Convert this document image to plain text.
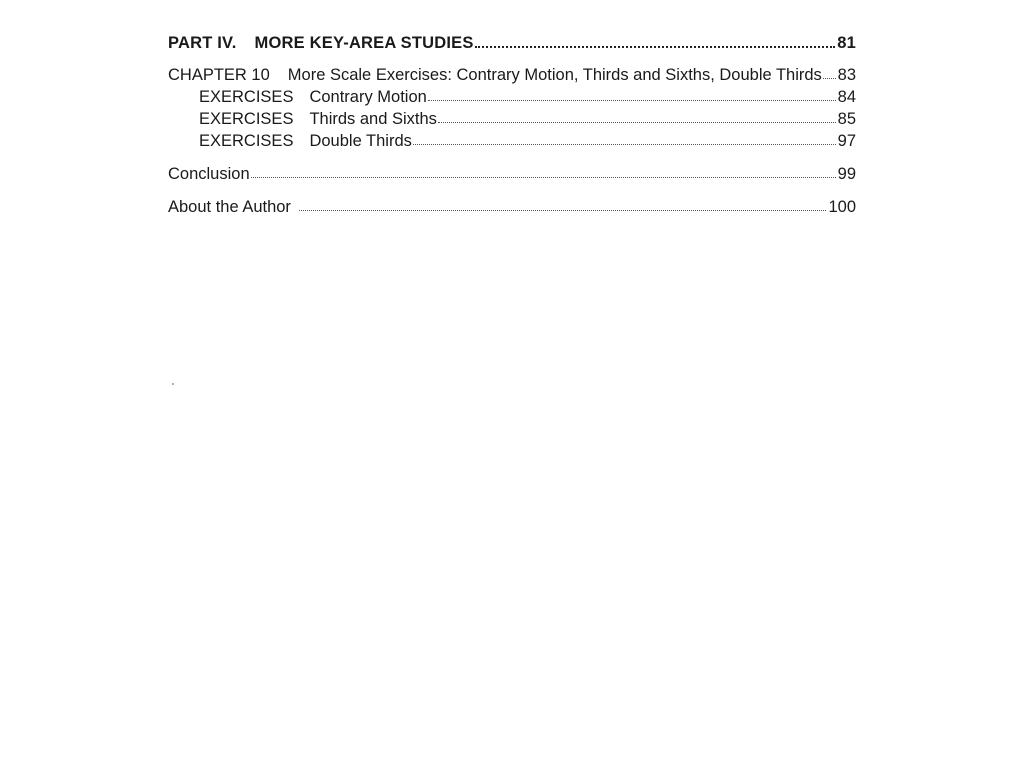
PART IV. MORE KEY-AREA STUDIES	81
CHAPTER 10 More Scale Exercises: Contrary Motion, Thirds and Sixths, Double Thirds 83
EXERCISES Contrary Motion	84
EXERCISES Thirds and Sixths	85
EXERCISES Double Thirds	97
Conclusion	99
About the Author	100
